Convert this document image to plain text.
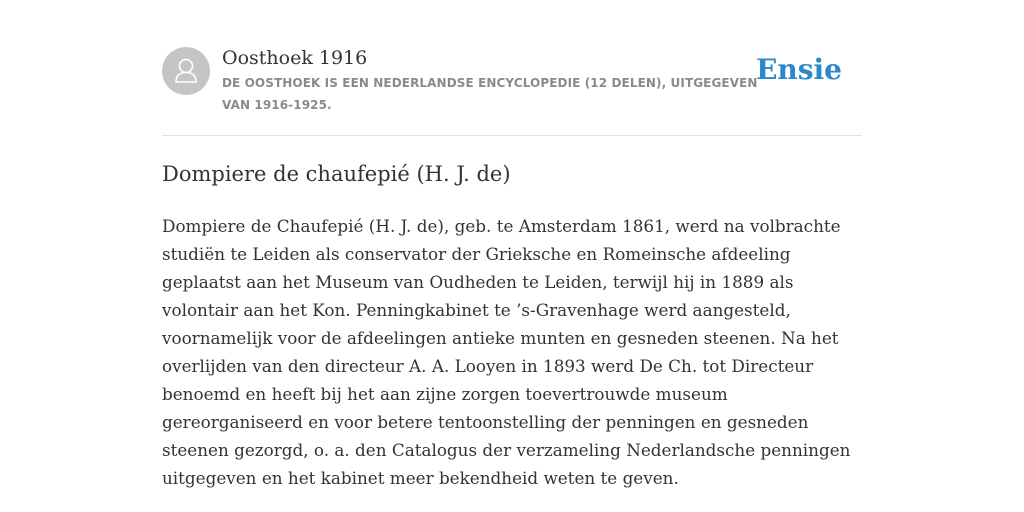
Oosthoek 1916
DE OOSTHOEK IS EEN NEDERLANDSE ENCYCLOPEDIE (12 DELEN), UITGEGEVEN VAN 1916-1925.
Ensie
Dompiere de chaufepié (H. J. de)

Dompiere de Chaufepié (H. J. de), geb. te Amsterdam 1861, werd na volbrachte studiën te Leiden als conservator der Grieksche en Romeinsche afdeeling geplaatst aan het Museum van Oudheden te Leiden, terwijl hij in 1889 als volontair aan het Kon. Penningkabinet te ’s-Gravenhage werd aangesteld, voornamelijk voor de afdeelingen antieke munten en gesneden steenen. Na het overlijden van den directeur A. A. Looyen in 1893 werd De Ch. tot Directeur benoemd en heeft bij het aan zijne zorgen toevertrouwde museum gereorganiseerd en voor betere tentoonstelling der penningen en gesneden steenen gezorgd, o. a. den Catalogus der verzameling Nederlandsche penningen uitgegeven en het kabinet meer bekendheid weten te geven.
